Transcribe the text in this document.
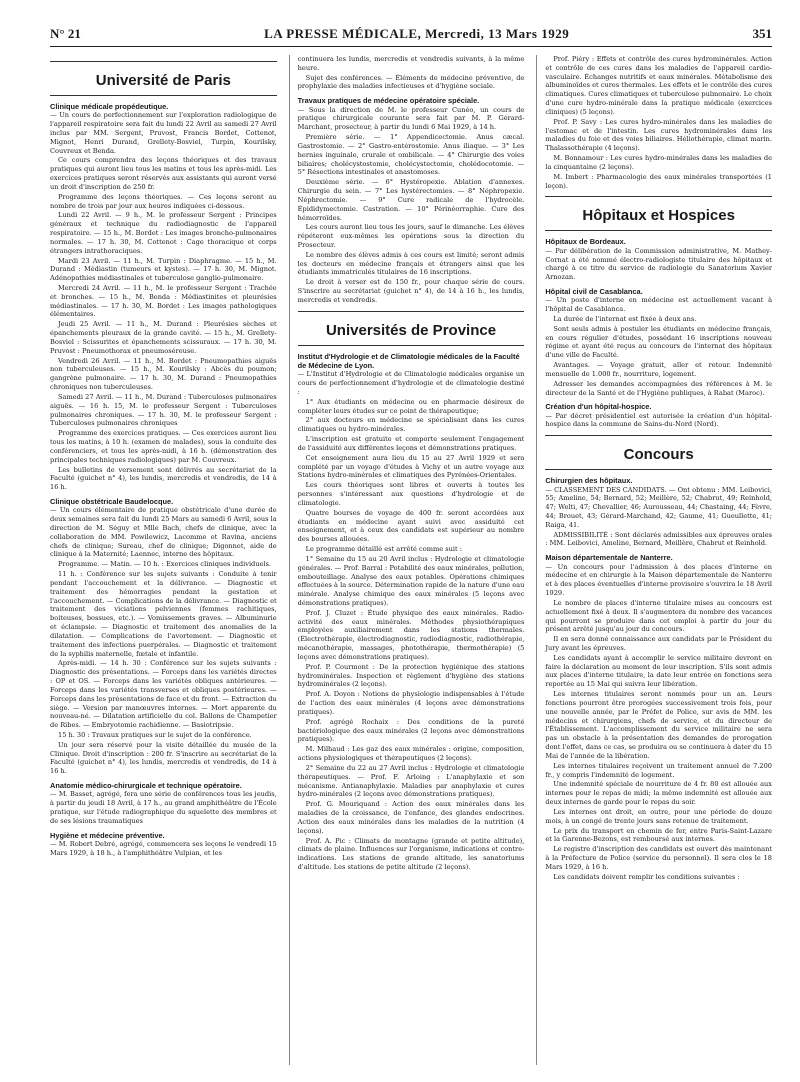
N° 21	LA PRESSE MÉDICALE, Mercredi, 13 Mars 1929	351
Université de Paris
Clinique médicale propédeutique.

— Un cours de perfectionnement sur l'exploration radiologique de l'appareil respiratoire sera fait du lundi 22 Avril au samedi 27 Avril inclus par MM. Sergent, Pruvost, Francis Bordet, Cottenot, Mignot, Henri Durand, Grellety-Bosviel, Turpin, Kourilsky, Couvreux et Benda.

Ce cours comprendra des leçons théoriques et des travaux pratiques qui auront lieu tous les matins et tous les après-midi. Les exercices pratiques seront réservés aux assistants qui auront versé un droit d'inscription de 250 fr.

Programme des leçons théoriques. — Ces leçons seront au nombre de trois par jour aux heures indiquées ci-dessous.

Lundi 22 Avril. — 9 h., M. le professeur Sergent : Principes généraux et technique du radiodiagnostic de l'appareil respiratoire. — 15 h., M. Bordet : Les images broncho-pulmonaires normales. — 17 h. 30, M. Cottenot : Cage thoracique et corps étrangers intrathoraciques.

Mardi 23 Avril. — 11 h., M. Turpin : Diaphragme. — 15 h., M. Durand : Médiastin (tumeurs et kystes). — 17 h. 30, M. Mignot. Adénopathies médiastinales et tuberculose ganglio-pulmonaire.

Mercredi 24 Avril. — 11 h., M. le professeur Sergent : Trachée et bronches. — 15 h., M. Benda : Médiastinites et pleurésies médiastinales. — 17 h. 30, M. Bordet : Les images pathologiques élémentaires.

Jeudi 25 Avril. — 11 h., M. Durand : Pleurésies sèches et épanchements pleuraux de la grande cavité. — 15 h., M. Grellety-Bosviel : Scissurites et épanchements scissuraux. — 17 h. 30, M. Pruvost : Pneumothorax et pneumoséreuse.

Vendredi 26 Avril. — 11 h., M. Bordet : Pneumopathies aiguës non tuberculeuses. — 15 h., M. Kourilsky : Abcès du poumon; gangrène pulmonaire. — 17 h. 30, M. Durand : Pneumopathies chroniques non tuberculeuses.

Samedi 27 Avril. — 11 h., M. Durand : Tuberculoses pulmonaires aiguës. — 16 h. 15, M. le professeur Sergent : Tuberculoses pulmonaires chroniques. — 17 h. 30, M. le professeur Sergent : Tuberculoses pulmonaires chroniques

Programme des exercices pratiques. — Ces exercices auront lieu tous les matins, à 10 h. (examen de malades), sous la conduite des conférenciers, et tous les après-midi, à 16 h. (démonstration des principales techniques radiologiques) par M. Couvreux.

Les bulletins de versement sont délivrés au secrétariat de la Faculté (guichet n° 4), les lundis, mercredis et vendredis, de 14 à 16 h.

Clinique obstétricale Baudelocque.

— Un cours élémentaire de pratique obstétricale d'une durée de deux semaines sera fait du lundi 25 Mars au samedi 6 Avril, sous la direction de M. Séguy et Mlle Bach, chefs de clinique, avec la collaboration de MM. Powilewicz, Lacomme et Ravina, anciens chefs de clinique; Sureau, chef de clinique; Digonnet, aide de clinique à la Maternité; Laennec, interne des hôpitaux.

Programme. — Matin. — 10 h. : Exercices cliniques individuels.

11 h. : Conférence sur les sujets suivants : Conduite à tenir pendant l'accouchement et la délivrance. — Diagnostic et traitement des hémorragies pendant la gestation et l'accouchement. — Complications de la délivrance. — Diagnostic et traitement des viciations pelviennes (femmes rachitiques, boiteuses, bossues, etc.). — Vomissements graves. — Albuminurie et éclampsie. — Diagnostic et traitement des anomalies de la dilatation. — Complications de l'avortement. — Diagnostic et traitement des infections puerpérales. — Diagnostic et traitement de la syphilis maternelle, fœtale et infantile.

Après-midi. — 14 h. 30 : Conférence sur les sujets suivants : Diagnostic des présentations. — Forceps dans les variétés directes : OP et OS. — Forceps dans les variétés obliques antérieures. — Forceps dans les variétés transverses et obliques postérieures. — Forceps dans les présentations de face et du front. — Extraction du siège. — Version par manœuvres internes. — Mort apparente du nouveau-né. — Dilatation artificielle du col. Ballons de Champetier de Ribes. — Embryotomie rachidienne. — Basiotripsie.

15 h. 30 : Travaux pratiques sur le sujet de la conférence.

Un jour sera réservé pour la visite détaillée du musée de la Clinique. Droit d'inscription : 200 fr. S'inscrire au secrétariat de la Faculté (guichet n° 4), les lundis, mercredis et vendredis, de 14 à 16 h.

Anatomie médico-chirurgicale et technique opératoire.

— M. Basset, agrégé, fera une série de conférences tous les jeudis, à partir du jeudi 18 Avril, à 17 h., au grand amphithéâtre de l'École pratique, sur l'étude radiographique du squelette des membres et de ses lésions traumatiques

Hygiène et médecine préventive.

— M. Robert Debré, agrégé, commencera ses leçons le vendredi 15 Mars 1929, à 18 h., à l'amphithéâtre Vulpian, et les

continuera les lundis, mercredis et vendredis suivants, à la même heure.

Sujet des conférences. — Éléments de médecine préventive, de prophylaxie des maladies infectieuses et d'hygiène sociale.

Travaux pratiques de médecine opératoire spéciale.

— Sous la direction de M. le professeur Cunéo, un cours de pratique chirurgicale courante sera fait par M. P. Gérard-Marchant, prosecteur, à partir du lundi 6 Mai 1929, à 14 h.

Première série. — 1° Appendicectomie. Anus cæcal. Gastrostomie. — 2° Gastro-entérostomie. Anus iliaque. — 3° Les hernies inguinale, crurale et ombilicale. — 4° Chirurgie des voies biliaires; cholécystostomie, cholécystectomie, cholédocotomie. — 5° Résections intestinales et anastomoses.

Deuxième série. — 6° Hystéropexie. Ablation d'annexes. Chirurgie du sein. — 7° Les hystérectomies. — 8° Néphropexie. Néphrectomie. — 9° Cure radicale de l'hydrocèle. Épididymectomie. Castration. — 10° Périnéorraphie. Cure des hémorroïdes.

Les cours auront lieu tous les jours, sauf le dimanche. Les élèves répéteront eux-mêmes les opérations sous la direction du Prosecteur.

Le nombre des élèves admis à ces cours est limité; seront admis les docteurs en médecine français et étrangers ainsi que les étudiants immatriculés titulaires de 16 inscriptions.

Le droit à verser est de 150 fr., pour chaque série de cours. S'inscrire au secrétariat (guichet n° 4), de 14 à 16 h., les lundis, mercredis et vendredis.

Universités de Province
Institut d'Hydrologie et de Climatologie médicales de la Faculté de Médecine de Lyon.

— L'Institut d'Hydrologie et de Climatologie médicales organise un cours de perfectionnement d'hydrologie et de climatologie destiné :

1° Aux étudiants en médecine ou en pharmacie désireux de compléter leurs études sur ce point de thérapeutique;

2° aux docteurs en médecine se spécialisant dans les cures climatiques ou hydro-minérales.

L'inscription est gratuite et comporte seulement l'engagement de l'assiduité aux différentes leçons et démonstrations pratiques.

Cet enseignement aura lieu du 15 au 27 Avril 1929 et sera complété par un voyage d'études à Vichy et un autre voyage aux Stations hydro-minérales et climatiques des Pyrénées-Orientales.

Les cours théoriques sont libres et ouverts à toutes les personnes s'intéressant aux questions d'hydrologie et de climatologie.

Quatre bourses de voyage de 400 fr. seront accordées aux étudiants en médecine ayant suivi avec assiduité cet enseignement, et à ceux des candidats est supérieur au nombre des bourses allouées.

Le programme détaillé est arrêté comme suit :

1° Semaine du 15 au 20 Avril inclus : Hydrologie et climatologie générales. — Prof. Barral : Potabilité des eaux minérales, pollution, embouteillage. Analyse des eaux potables. Opérations chimiques effectuées à la source. Détermination rapide de la nature d'une eau minérale. Analyse chimique des eaux minérales (5 leçons avec démonstrations pratiques).

Prof. J. Cluzet : Étude physique des eaux minérales. Radio-activité des eaux minérales. Méthodes physiothérapiques employées auxiliairement dans les stations thermales. (Électrothérapie, électrodiagnostic, radiodiagnostic, radiothérapie, mécanothérapie, massages, photothérapie, thermothérapie) (5 leçons avec démonstrations pratiques).

Prof. P. Courmont : De la protection hygiénique des stations hydrominérales. Inspection et règlement d'hygiène des stations hydrominérales (2 leçons).

Prof. A. Doyon : Notions de physiologie indispensables à l'étude de l'action des eaux minérales (4 leçons avec démonstrations pratiques).

Prof. agrégé Rochaix : Des conditions de la pureté bactériologique des eaux minérales (2 leçons avec démonstrations pratiques).

M. Milhaud : Les gaz des eaux minérales : origine, composition, actions physiologiques et thérapeutiques (2 leçons).

2° Semaine du 22 au 27 Avril inclus : Hydrologie et climatologie thérapeutiques. — Prof. F. Arloing : L'anaphylaxie et son mécanisme. Antianaphylaxie. Maladies par anaphylaxie et cures hydro-minérales (2 leçons avec démonstrations pratiques).

Prof. G. Mouriquand : Action des eaux minérales dans les maladies de la croissance, de l'enfance, des glandes endocrines. Action des eaux minérales dans les maladies de la nutrition (4 leçons).

Prof. A. Pic : Climats de montagne (grande et petite altitude), climats de plaine. Influences sur l'organisme, indications et contre-indications. Les stations de grande altitude, les sanatoriums d'altitude. Les stations de petite altitude (2 leçons).

Prof. Piéry : Effets et contrôle des cures hydrominérales. Action et contrôle de ces cures dans les maladies de l'appareil cardio-vasculaire. Échanges nutritifs et eaux minérales. Métabolisme des albuminoïdes et cures thermales. Les effets et le contrôle des cures climatiques. Cures climatiques et tuberculose pulmonaire. Le choix d'une cure hydro-minérale dans la pratique médicale (exercices cliniques) (5 leçons).

Prof. P. Savy : Les cures hydro-minérales dans les maladies de l'estomac et de l'intestin. Les cures hydrominérales dans les maladies du foie et des voies biliaires. Héliothérapie, climat marin. Thalassothérapie (4 leçons).

M. Bonnamour : Les cures hydro-minérales dans les maladies de la cinquantaine (2 leçons).

M. Imbert : Pharmacologie des eaux minérales transportées (1 leçon).

Hôpitaux et Hospices
Hôpitaux de Bordeaux.

— Par délibération de la Commission administrative, M. Mathey-Cornat a été nommé électro-radiologiste titulaire des hôpitaux et chargé à ce titre du service de radiologie du Sanatorium Xavier Arnozan.

Hôpital civil de Casablanca.

— Un poste d'interne en médecine est actuellement vacant à l'hôpital de Casablanca.

La durée de l'internat est fixée à deux ans.

Sont seuls admis à postuler les étudiants en médecine français, en cours régulier d'études, possédant 16 inscriptions nouveau régime et ayant été reçus au concours de l'internat des hôpitaux d'une ville de Faculté.

Avantages. — Voyage gratuit, aller et retour. Indemnité mensuelle de 1.000 fr., nourriture, logement.

Adresser les demandes accompagnées des références à M. le directeur de la Santé et de l'Hygiène publiques, à Rabat (Maroc).

Création d'un hôpital-hospice.

— Par décret présidentiel est autorisée la création d'un hôpital-hospice dans la commune de Sains-du-Nord (Nord).

Concours
Chirurgien des hôpitaux.

— CLASSEMENT DES CANDIDATS. — Ont obtenu : MM. Leibovici, 55; Ameline, 54; Bernard, 52; Meillère, 52; Chabrut, 49; Reinhold, 47; Welti, 47; Chevallier, 46; Aurousseau, 44; Chastaing, 44; Fèvre, 44; Brouet, 43; Gérard-Marchand, 42; Gaume, 41; Gueullette, 41; Raiga, 41.

ADMISSIBILITÉ : Sont déclarés admissibles aux épreuves orales : MM. Leibovici, Ameline, Bernard, Meillère, Chabrut et Reinhold.

Maison départementale de Nanterre.

— Un concours pour l'admission à des places d'interne en médecine et en chirurgie à la Maison départementale de Nanterre et à des places éventuelles d'interne provisoire s'ouvrira le 18 Avril 1929.

Le nombre de places d'interne titulaire mises au concours est actuellement fixé à deux. Il s'augmentera du nombre des vacances qui pourront se produire dans cet emploi à partir du jour du présent arrêté jusqu'au jour du concours.

Il en sera donné connaissance aux candidats par le Président du Jury avant les épreuves.

Les candidats ayant à accomplir le service militaire devront en faire la déclaration au moment de leur inscription. S'ils sont admis aux places d'interne titulaire, la date leur entrée en fonctions sera reportée au 15 Mai qui suivra leur libération.

Les internes titulaires seront nommés pour un an. Leurs fonctions pourront être prorogées successivement trois fois, pour une nouvelle année, par le Préfet de Police, sur avis de MM. les médecins et chirurgiens, chefs de service, et du directeur de l'Établissement. L'accomplissement du service militaire ne sera pas un obstacle à la présentation des demandes de prorogation dont l'effet, dans ce cas, se produira ou se continuera à dater du 15 Mai de l'année de la libération.

Les internes titulaires reçoivent un traitement annuel de 7.200 fr., y compris l'indemnité de logement.

Une indemnité spéciale de nourriture de 4 fr. 80 est allouée aux internes pour le repas de midi; la même indemnité est allouée aux deux internes de garde pour le repas du soir.

Les internes ont droit, en outre, pour une période de douze mois, à un congé de trente jours sans retenue de traitement.

Le prix du transport en chemin de fer, entre Paris-Saint-Lazare et la Garenne-Bezons, est remboursé aux internes.

Le registre d'inscription des candidats est ouvert dès maintenant à la Préfecture de Police (service du personnel). Il sera clos le 18 Mars 1929, à 16 h.

Les candidats doivent remplir les conditions suivantes :
